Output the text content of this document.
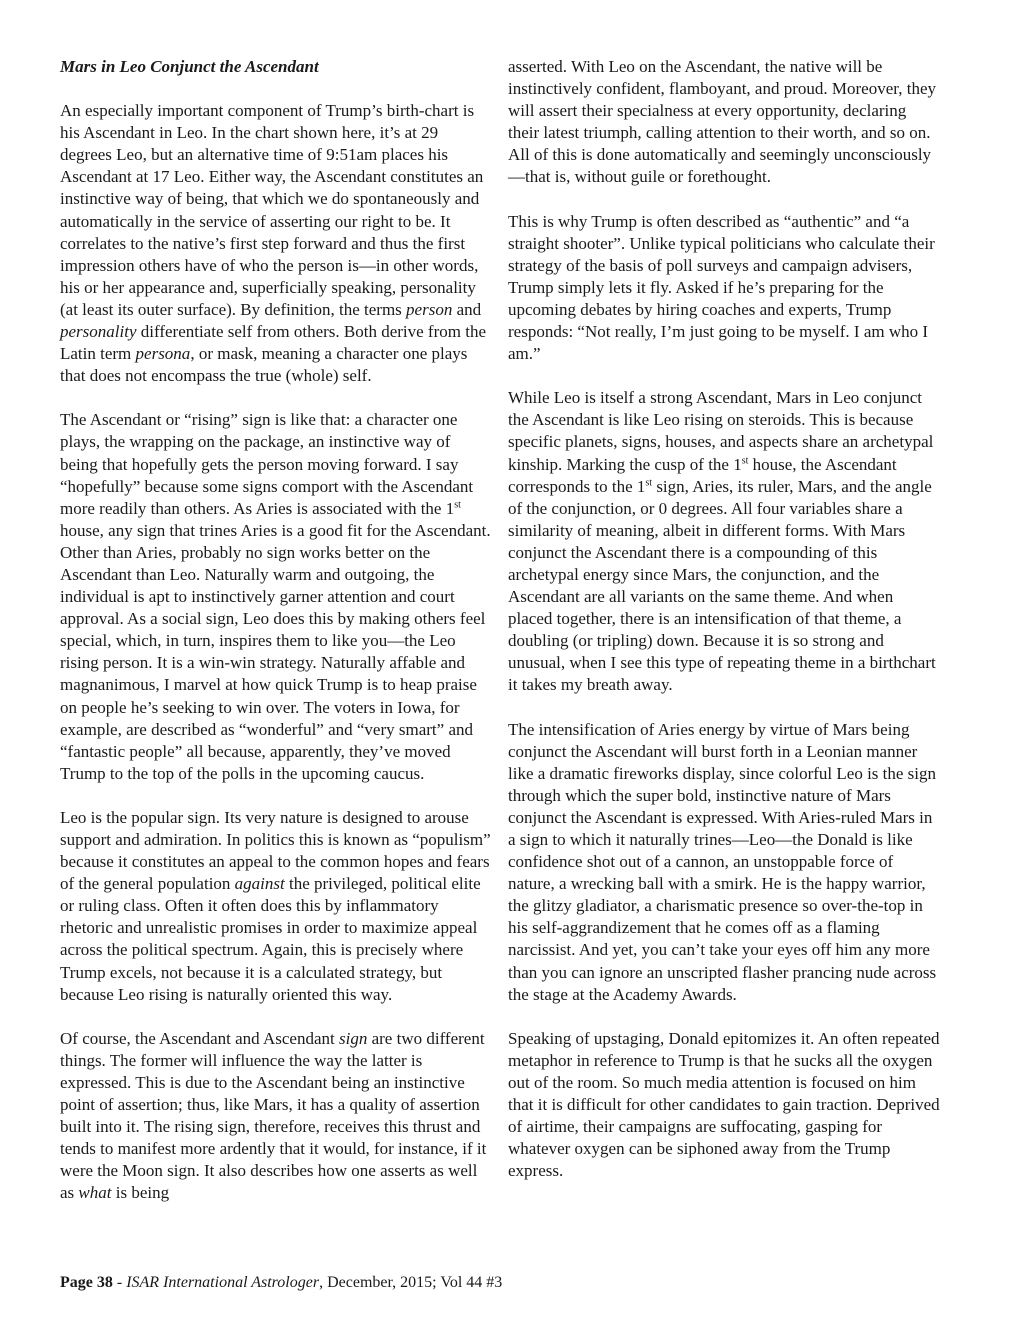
Mars in Leo Conjunct the Ascendant

An especially important component of Trump’s birth-chart is his Ascendant in Leo. In the chart shown here, it’s at 29 degrees Leo, but an alternative time of 9:51am places his Ascendant at 17 Leo. Either way, the Ascendant constitutes an instinctive way of being, that which we do spontaneously and automatically in the service of asserting our right to be. It correlates to the native’s first step forward and thus the first impression others have of who the person is—in other words, his or her appearance and, superficially speaking, personality (at least its outer surface). By definition, the terms person and personality differentiate self from others. Both derive from the Latin term persona, or mask, meaning a character one plays that does not encompass the true (whole) self.

The Ascendant or “rising” sign is like that: a character one plays, the wrapping on the package, an instinctive way of being that hopefully gets the person moving forward. I say “hopefully” because some signs comport with the Ascendant more readily than others. As Aries is associated with the 1st house, any sign that trines Aries is a good fit for the Ascendant. Other than Aries, probably no sign works better on the Ascendant than Leo. Naturally warm and outgoing, the individual is apt to instinctively garner attention and court approval. As a social sign, Leo does this by making others feel special, which, in turn, inspires them to like you—the Leo rising person. It is a win-win strategy. Naturally affable and magnanimous, I marvel at how quick Trump is to heap praise on people he’s seeking to win over. The voters in Iowa, for example, are described as “wonderful” and “very smart” and “fantastic people” all because, apparently, they’ve moved Trump to the top of the polls in the upcoming caucus.

Leo is the popular sign. Its very nature is designed to arouse support and admiration. In politics this is known as “populism” because it constitutes an appeal to the common hopes and fears of the general population against the privileged, political elite or ruling class. Often it often does this by inflammatory rhetoric and unrealistic promises in order to maximize appeal across the political spectrum. Again, this is precisely where Trump excels, not because it is a calculated strategy, but because Leo rising is naturally oriented this way.

Of course, the Ascendant and Ascendant sign are two different things. The former will influence the way the latter is expressed. This is due to the Ascendant being an instinctive point of assertion; thus, like Mars, it has a quality of assertion built into it. The rising sign, therefore, receives this thrust and tends to manifest more ardently that it would, for instance, if it were the Moon sign. It also describes how one asserts as well as what is being

asserted. With Leo on the Ascendant, the native will be instinctively confident, flamboyant, and proud. Moreover, they will assert their specialness at every opportunity, declaring their latest triumph, calling attention to their worth, and so on. All of this is done automatically and seemingly unconsciously—that is, without guile or forethought.

This is why Trump is often described as “authentic” and “a straight shooter”. Unlike typical politicians who calculate their strategy of the basis of poll surveys and campaign advisers, Trump simply lets it fly. Asked if he’s preparing for the upcoming debates by hiring coaches and experts, Trump responds: “Not really, I’m just going to be myself. I am who I am.”

While Leo is itself a strong Ascendant, Mars in Leo conjunct the Ascendant is like Leo rising on steroids. This is because specific planets, signs, houses, and aspects share an archetypal kinship. Marking the cusp of the 1st house, the Ascendant corresponds to the 1st sign, Aries, its ruler, Mars, and the angle of the conjunction, or 0 degrees. All four variables share a similarity of meaning, albeit in different forms. With Mars conjunct the Ascendant there is a compounding of this archetypal energy since Mars, the conjunction, and the Ascendant are all variants on the same theme. And when placed together, there is an intensification of that theme, a doubling (or tripling) down. Because it is so strong and unusual, when I see this type of repeating theme in a birthchart it takes my breath away.

The intensification of Aries energy by virtue of Mars being conjunct the Ascendant will burst forth in a Leonian manner like a dramatic fireworks display, since colorful Leo is the sign through which the super bold, instinctive nature of Mars conjunct the Ascendant is expressed. With Aries-ruled Mars in a sign to which it naturally trines—Leo—the Donald is like confidence shot out of a cannon, an unstoppable force of nature, a wrecking ball with a smirk. He is the happy warrior, the glitzy gladiator, a charismatic presence so over-the-top in his self-aggrandizement that he comes off as a flaming narcissist. And yet, you can’t take your eyes off him any more than you can ignore an unscripted flasher prancing nude across the stage at the Academy Awards.

Speaking of upstaging, Donald epitomizes it. An often repeated metaphor in reference to Trump is that he sucks all the oxygen out of the room. So much media attention is focused on him that it is difficult for other candidates to gain traction. Deprived of airtime, their campaigns are suffocating, gasping for whatever oxygen can be siphoned away from the Trump express.

Page 38 - ISAR International Astrologer, December, 2015; Vol 44 #3
